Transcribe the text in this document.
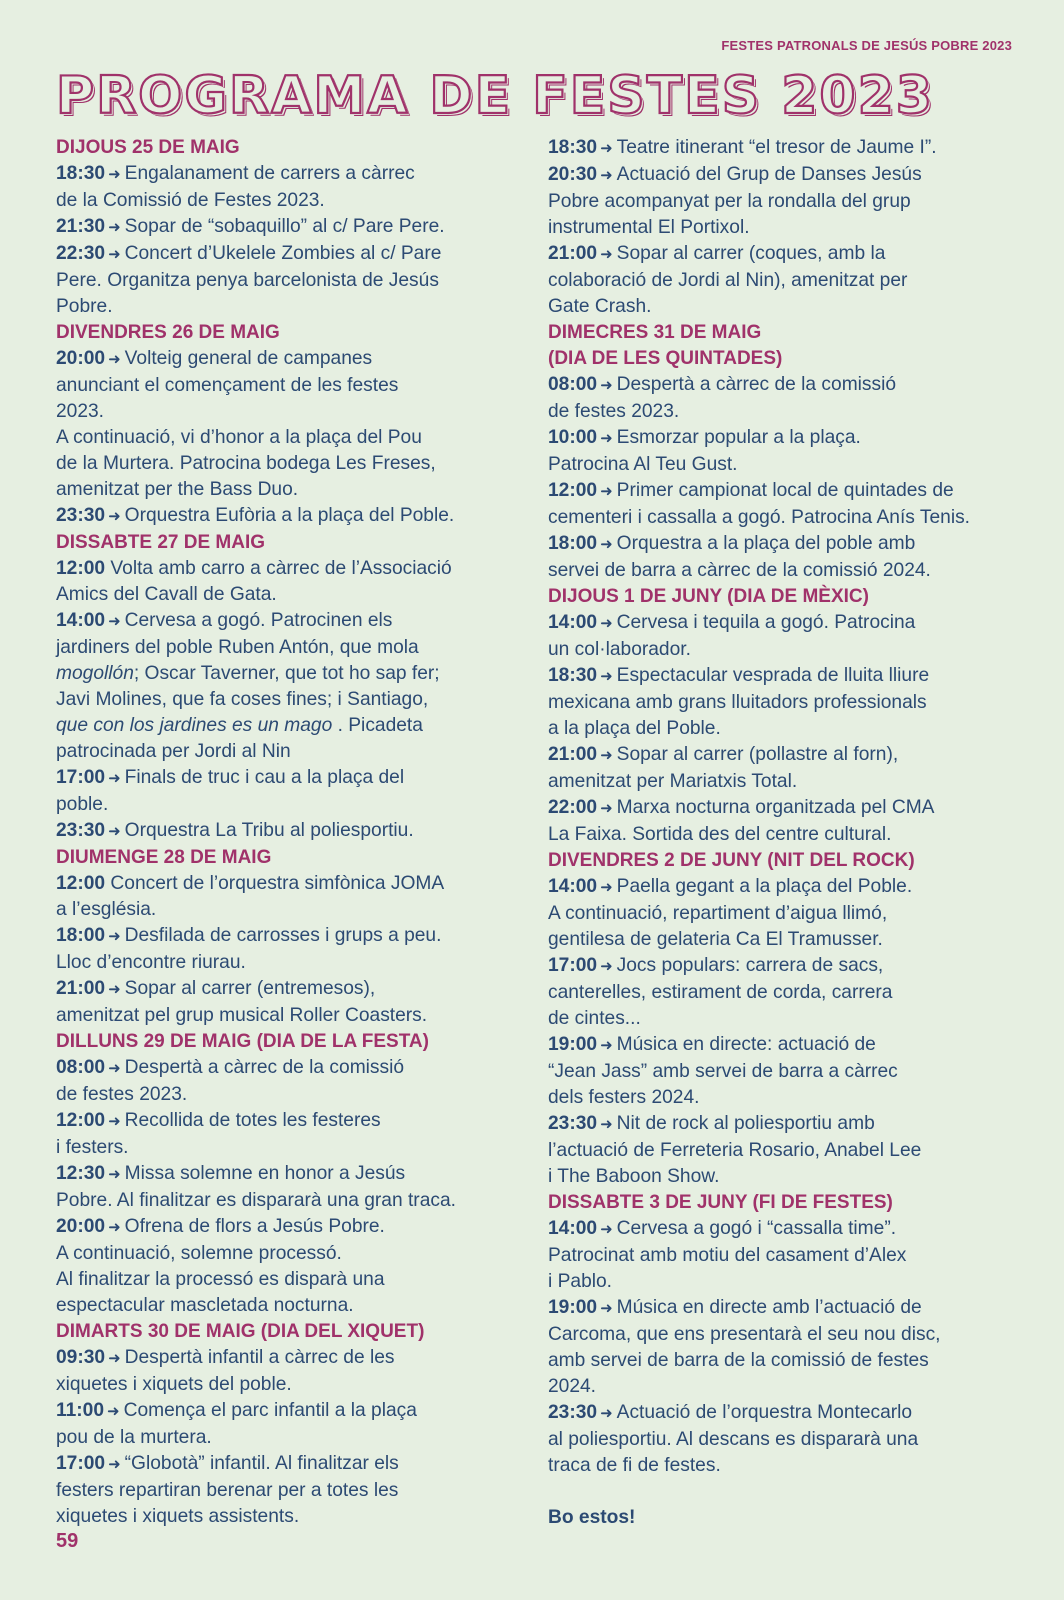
FESTES PATRONALS DE JESÚS POBRE 2023
PROGRAMA DE FESTES 2023
DIJOUS 25 DE MAIG
18:30 ➜ Engalanament de carrers a càrrec
de la Comissió de Festes 2023.
21:30 ➜ Sopar de “sobaquillo” al c/ Pare Pere.
22:30 ➜ Concert d’Ukelele Zombies al c/ Pare
Pere. Organitza penya barcelonista de Jesús
Pobre.
DIVENDRES 26 DE MAIG
20:00 ➜ Volteig general de campanes
anunciant el començament de les festes
2023.
A continuació, vi d’honor a la plaça del Pou
de la Murtera. Patrocina bodega Les Freses,
amenitzat per the Bass Duo.
23:30 ➜ Orquestra Eufòria a la plaça del Poble.
DISSABTE 27 DE MAIG
12:00 Volta amb carro a càrrec de l’Associació
Amics del Cavall de Gata.
14:00 ➜ Cervesa a gogó. Patrocinen els
jardiners del poble Ruben Antón, que mola
mogollón; Oscar Taverner, que tot ho sap fer;
Javi Molines, que fa coses fines; i Santiago,
que con los jardines es un mago . Picadeta
patrocinada per Jordi al Nin
17:00 ➜ Finals de truc i cau a la plaça del
poble.
23:30 ➜ Orquestra La Tribu al poliesportiu.
DIUMENGE 28 DE MAIG
12:00 Concert de l’orquestra simfònica JOMA
a l’església.
18:00 ➜ Desfilada de carrosses i grups a peu.
Lloc d’encontre riurau.
21:00 ➜ Sopar al carrer (entremesos),
amenitzat pel grup musical Roller Coasters.
DILLUNS 29 DE MAIG (DIA DE LA FESTA)
08:00 ➜ Despertà a càrrec de la comissió
de festes 2023.
12:00 ➜ Recollida de totes les festeres
i festers.
12:30 ➜ Missa solemne en honor a Jesús
Pobre. Al finalitzar es dispararà una gran traca.
20:00 ➜ Ofrena de flors a Jesús Pobre.
A continuació, solemne processó.
Al finalitzar la processó es disparà una
espectacular mascletada nocturna.
DIMARTS 30 DE MAIG (DIA DEL XIQUET)
09:30 ➜ Despertà infantil a càrrec de les
xiquetes i xiquets del poble.
11:00 ➜ Comença el parc infantil a la plaça
pou de la murtera.
17:00 ➜ “Globotà” infantil. Al finalitzar els
festers repartiran berenar per a totes les
xiquetes i xiquets assistents.
18:30 ➜ Teatre itinerant “el tresor de Jaume I”.
20:30 ➜ Actuació del Grup de Danses Jesús
Pobre acompanyat per la rondalla del grup
instrumental El Portixol.
21:00 ➜ Sopar al carrer (coques, amb la
colaboració de Jordi al Nin), amenitzat per
Gate Crash.
DIMECRES 31 DE MAIG
(DIA DE LES QUINTADES)
08:00 ➜ Despertà a càrrec de la comissió
de festes 2023.
10:00 ➜ Esmorzar popular a la plaça.
Patrocina Al Teu Gust.
12:00 ➜ Primer campionat local de quintades de
cementeri i cassalla a gogó. Patrocina Anís Tenis.
18:00 ➜ Orquestra a la plaça del poble amb
servei de barra a càrrec de la comissió 2024.
DIJOUS 1 DE JUNY (DIA DE MÈXIC)
14:00 ➜ Cervesa i tequila a gogó. Patrocina
un col·laborador.
18:30 ➜ Espectacular vesprada de lluita lliure
mexicana amb grans lluitadors professionals
a la plaça del Poble.
21:00 ➜ Sopar al carrer (pollastre al forn),
amenitzat per Mariatxis Total.
22:00 ➜ Marxa nocturna organitzada pel CMA
La Faixa. Sortida des del centre cultural.
DIVENDRES 2 DE JUNY (NIT DEL ROCK)
14:00 ➜ Paella gegant a la plaça del Poble.
A continuació, repartiment d’aigua llimó,
gentilesa de gelateria Ca El Tramusser.
17:00 ➜ Jocs populars: carrera de sacs,
canterelles, estirament de corda, carrera
de cintes...
19:00 ➜ Música en directe: actuació de
“Jean Jass” amb servei de barra a càrrec
dels festers 2024.
23:30 ➜ Nit de rock al poliesportiu amb
l’actuació de Ferreteria Rosario, Anabel Lee
i The Baboon Show.
DISSABTE 3 DE JUNY (FI DE FESTES)
14:00 ➜ Cervesa a gogó i “cassalla time”.
Patrocinat amb motiu del casament d’Alex
i Pablo.
19:00 ➜ Música en directe amb l’actuació de
Carcoma, que ens presentarà el seu nou disc,
amb servei de barra de la comissió de festes
2024.
23:30 ➜ Actuació de l’orquestra Montecarlo
al poliesportiu. Al descans es dispararà una
traca de fi de festes.
Bo estos!
59
